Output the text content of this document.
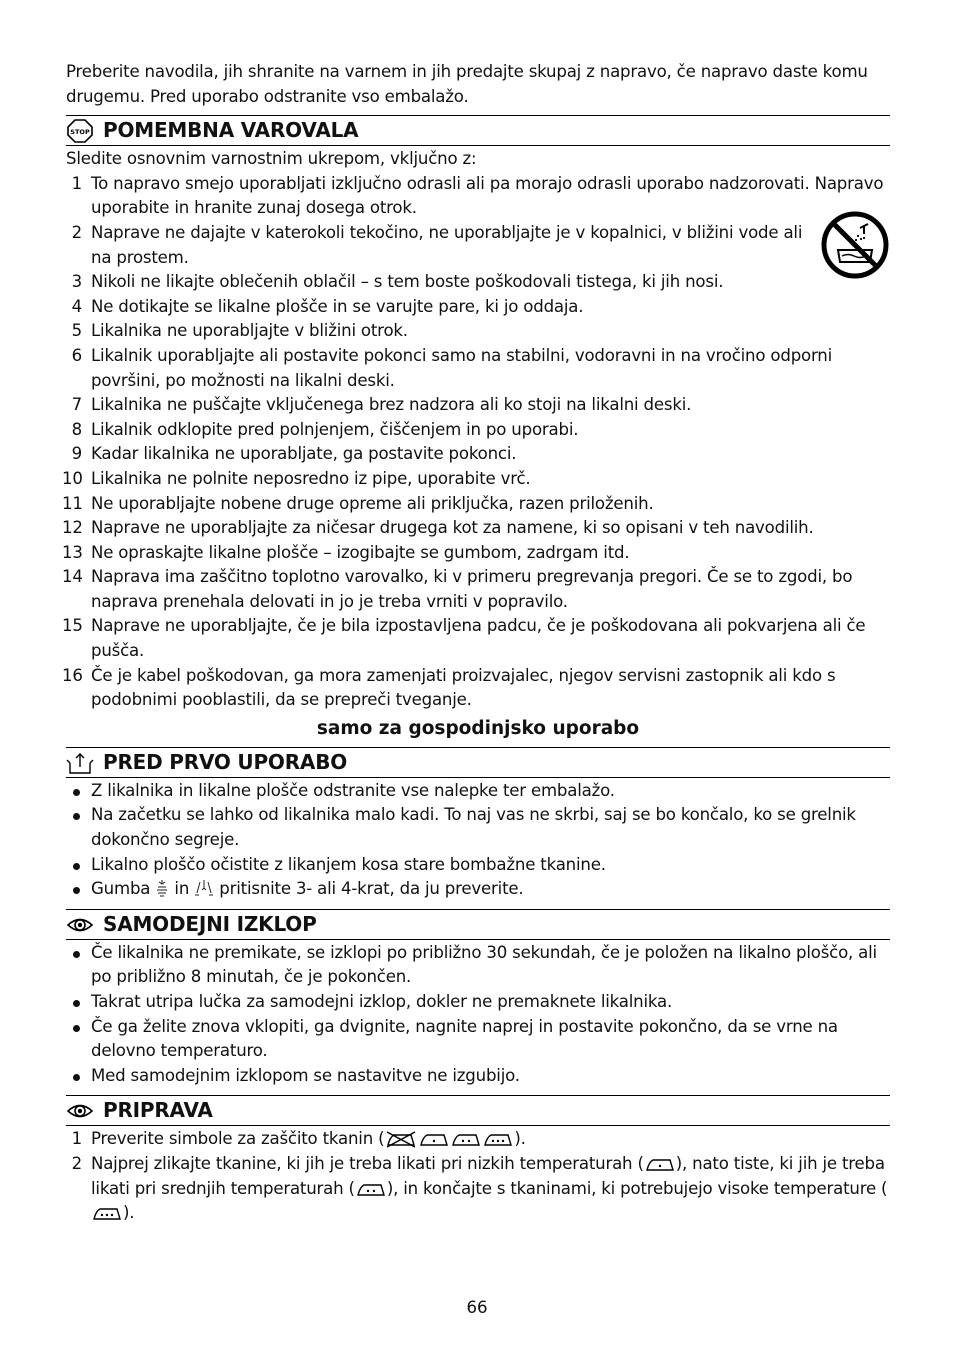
Preberite navodila, jih shranite na varnem in jih predajte skupaj z napravo, če napravo daste komu drugemu. Pred uporabo odstranite vso embalažo.
STOP POMEMBNA VAROVALA
Sledite osnovnim varnostnim ukrepom, vključno z:
1 To napravo smejo uporabljati izključno odrasli ali pa morajo odrasli uporabo nadzorovati. Napravo uporabite in hranite zunaj dosega otrok.
2 Naprave ne dajajte v katerokoli tekočino, ne uporabljajte je v kopalnici, v bližini vode ali na prostem.
3 Nikoli ne likajte oblečenih oblačil – s tem boste poškodovali tistega, ki jih nosi.
4 Ne dotikajte se likalne plošče in se varujte pare, ki jo oddaja.
5 Likalnika ne uporabljajte v bližini otrok.
6 Likalnik uporabljajte ali postavite pokonci samo na stabilni, vodoravni in na vročino odporni površini, po možnosti na likalni deski.
7 Likalnika ne puščajte vključenega brez nadzora ali ko stoji na likalni deski.
8 Likalnik odklopite pred polnjenjem, čiščenjem in po uporabi.
9 Kadar likalnika ne uporabljate, ga postavite pokonci.
10 Likalnika ne polnite neposredno iz pipe, uporabite vrč.
11 Ne uporabljajte nobene druge opreme ali priključka, razen priloženih.
12 Naprave ne uporabljajte za ničesar drugega kot za namene, ki so opisani v teh navodilih.
13 Ne opraskajte likalne plošče – izogibajte se gumbom, zadrgam itd.
14 Naprava ima zaščitno toplotno varovalko, ki v primeru pregrevanja pregori. Če se to zgodi, bo naprava prenehala delovati in jo je treba vrniti v popravilo.
15 Naprave ne uporabljajte, če je bila izpostavljena padcu, če je poškodovana ali pokvarjena ali če pušča.
16 Če je kabel poškodovan, ga mora zamenjati proizvajalec, njegov servisni zastopnik ali kdo s podobnimi pooblastili, da se prepreči tveganje.
samo za gospodinjsko uporabo
PRED PRVO UPORABO
Z likalnika in likalne plošče odstranite vse nalepke ter embalažo.
Na začetku se lahko od likalnika malo kadi. To naj vas ne skrbi, saj se bo končalo, ko se grelnik dokončno segreje.
Likalno ploščo očistite z likanjem kosa stare bombažne tkanine.
Gumba in pritisnite 3- ali 4-krat, da ju preverite.
SAMODEJNI IZKLOP
Če likalnika ne premikate, se izklopi po približno 30 sekundah, če je položen na likalno ploščo, ali po približno 8 minutah, če je pokončen.
Takrat utripa lučka za samodejni izklop, dokler ne premaknete likalnika.
Če ga želite znova vklopiti, ga dvignite, nagnite naprej in postavite pokončno, da se vrne na delovno temperaturo.
Med samodejnim izklopom se nastavitve ne izgubijo.
PRIPRAVA
1 Preverite simbole za zaščito tkanin (	).
2 Najprej zlikajte tkanine, ki jih je treba likati pri nizkih temperaturah ( ), nato tiste, ki jih je treba likati pri srednjih temperaturah ( ), in končajte s tkaninami, ki potrebujejo visoke temperature ().
66
